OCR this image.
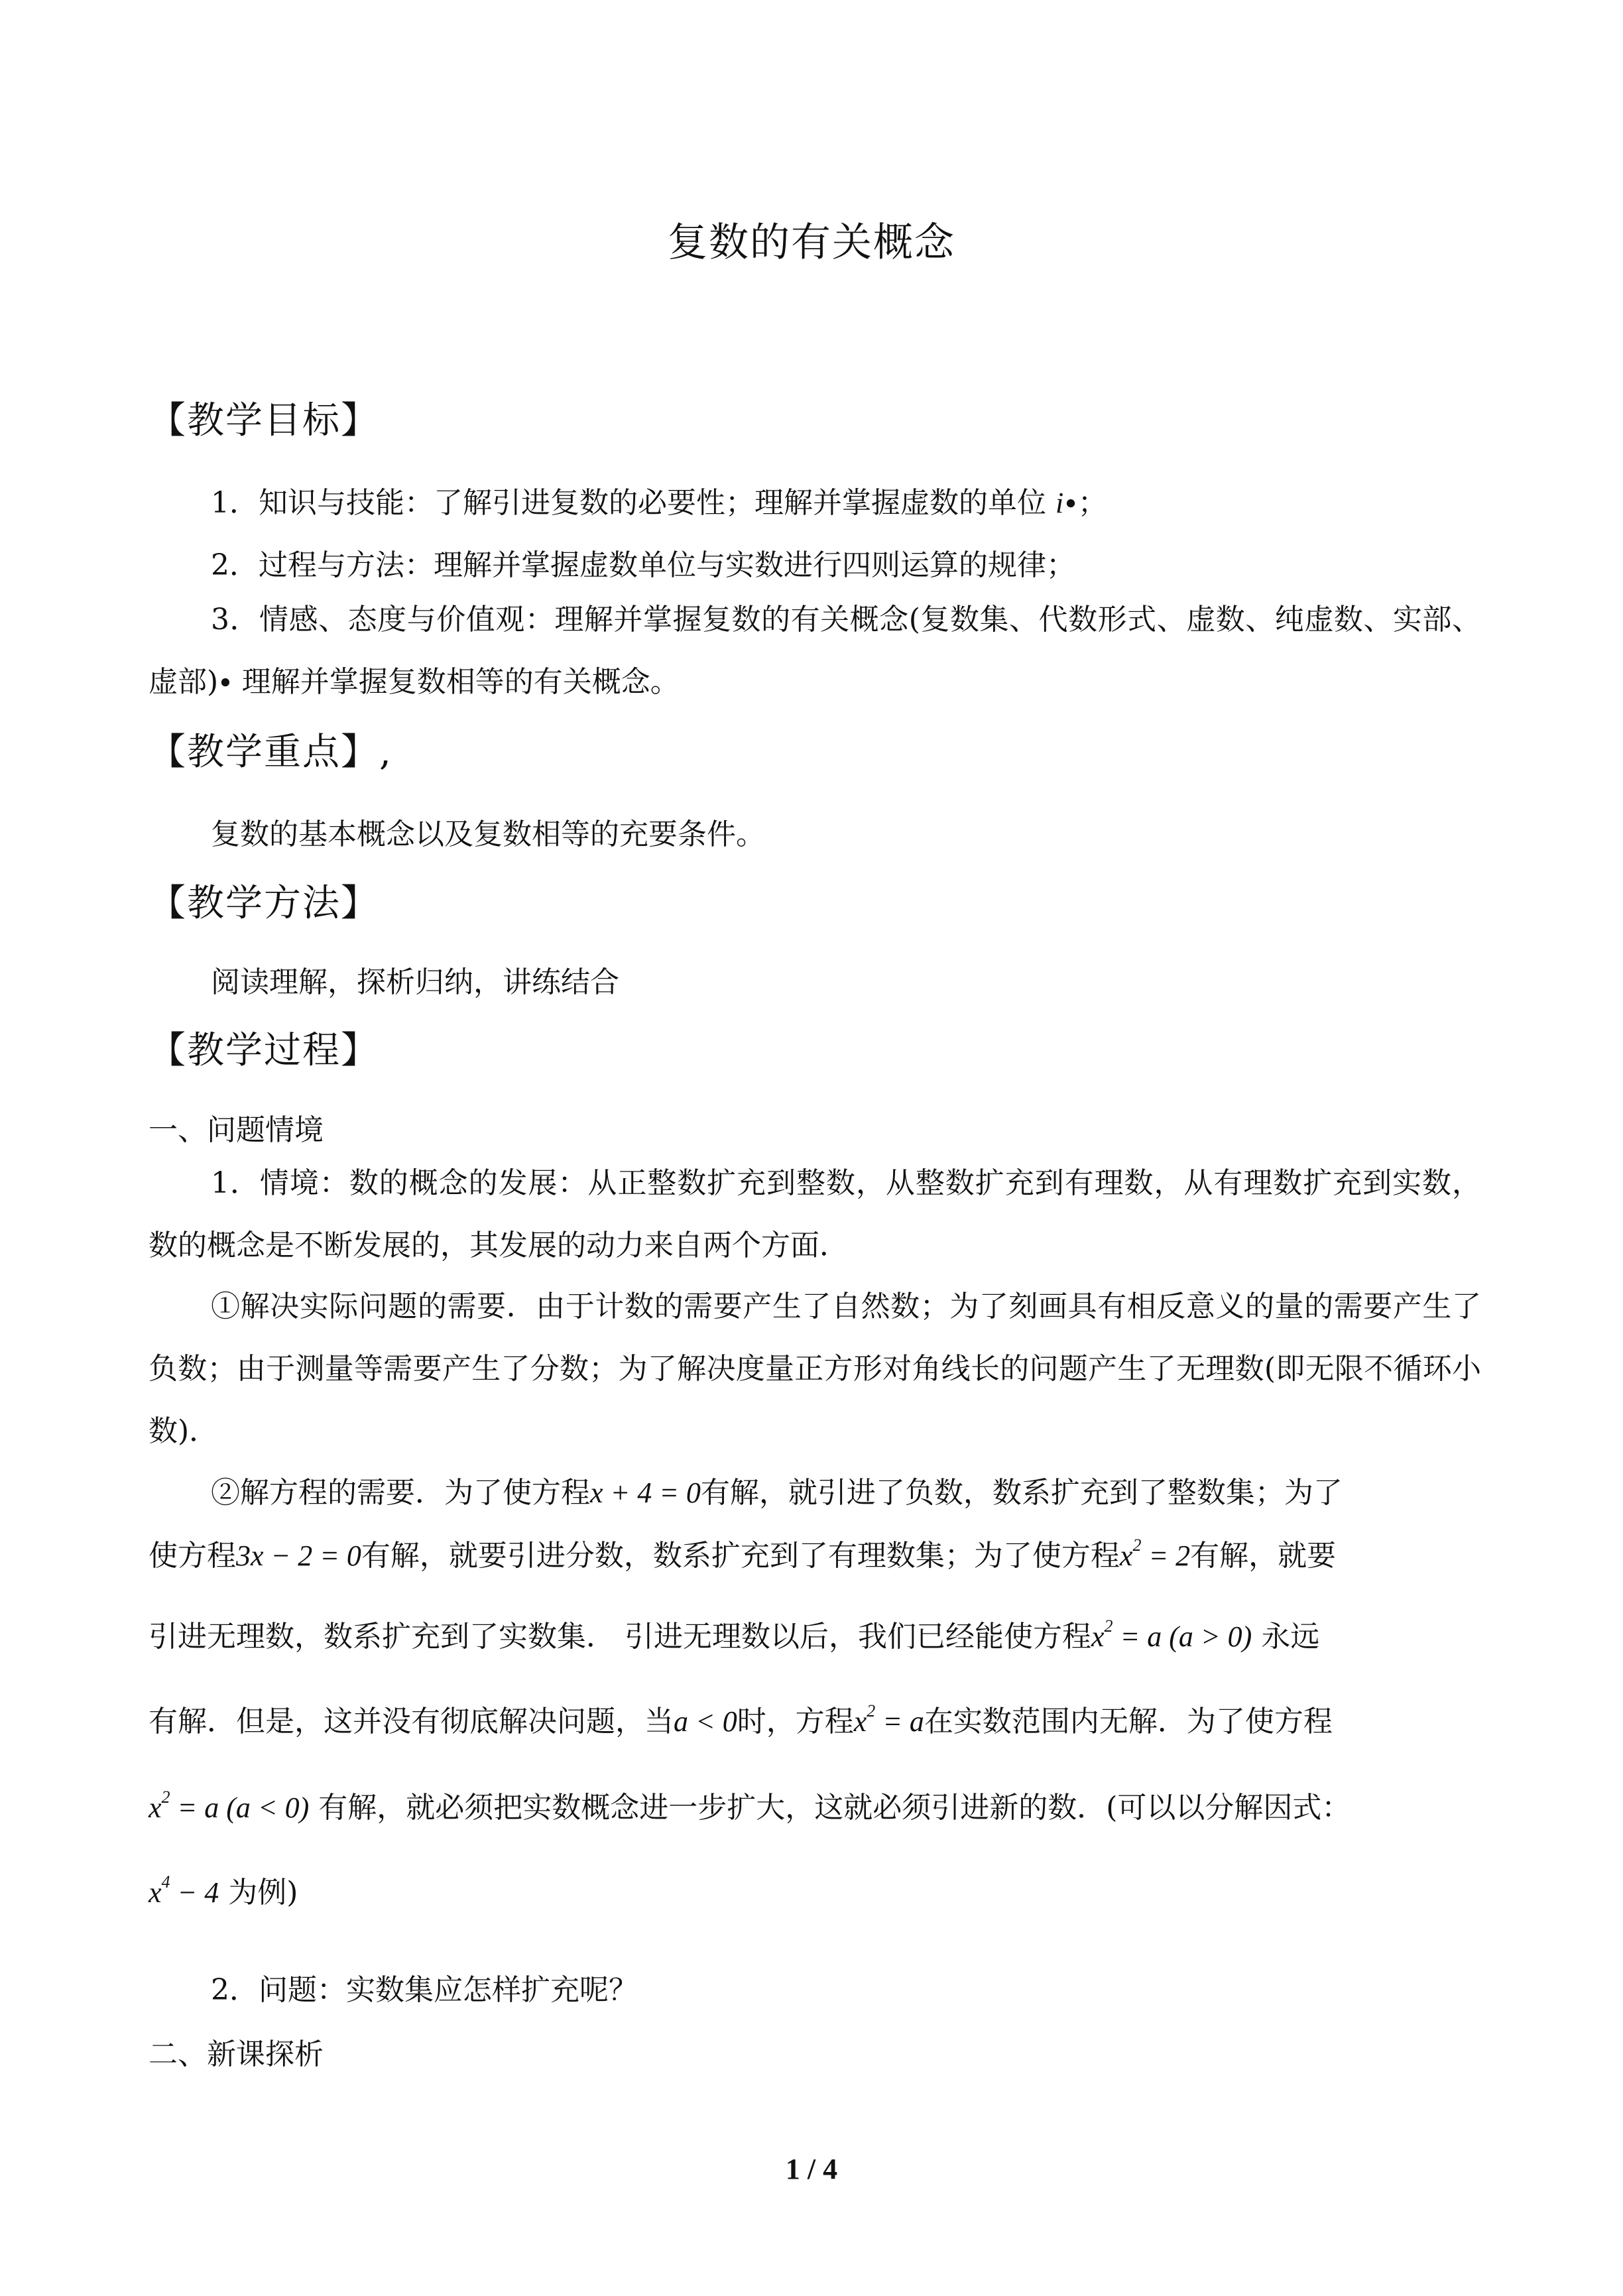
复数的有关概念
【教学目标】
1．知识与技能：了解引进复数的必要性；理解并掌握虚数的单位 i∙；
2．过程与方法：理解并掌握虚数单位与实数进行四则运算的规律；
3．情感、态度与价值观：理解并掌握复数的有关概念(复数集、代数形式、虚数、纯虚数、实部、虚部)∙ 理解并掌握复数相等的有关概念。
【教学重点】,
复数的基本概念以及复数相等的充要条件。
【教学方法】
阅读理解，探析归纳，讲练结合
【教学过程】
一、问题情境
1．情境：数的概念的发展：从正整数扩充到整数，从整数扩充到有理数，从有理数扩充到实数，数的概念是不断发展的，其发展的动力来自两个方面．
①解决实际问题的需要．由于计数的需要产生了自然数；为了刻画具有相反意义的量的需要产生了负数；由于测量等需要产生了分数；为了解决度量正方形对角线长的问题产生了无理数(即无限不循环小数)．
②解方程的需要．为了使方程x + 4 = 0有解，就引进了负数，数系扩充到了整数集；为了
使方程3x − 2 = 0有解，就要引进分数，数系扩充到了有理数集；为了使方程$x^2 = 2$有解，就要
引进无理数，数系扩充到了实数集． 引进无理数以后，我们已经能使方程$x^2 = a$ (a > 0) 永远
有解．但是，这并没有彻底解决问题，当a < 0时，方程$x^2 = a$在实数范围内无解．为了使方程
$x^2 = a$ (a < 0) 有解，就必须把实数概念进一步扩大，这就必须引进新的数．(可以以分解因式：
$x^4 - 4$ 为例)
2．问题：实数集应怎样扩充呢？
二、新课探析
1 / 4
